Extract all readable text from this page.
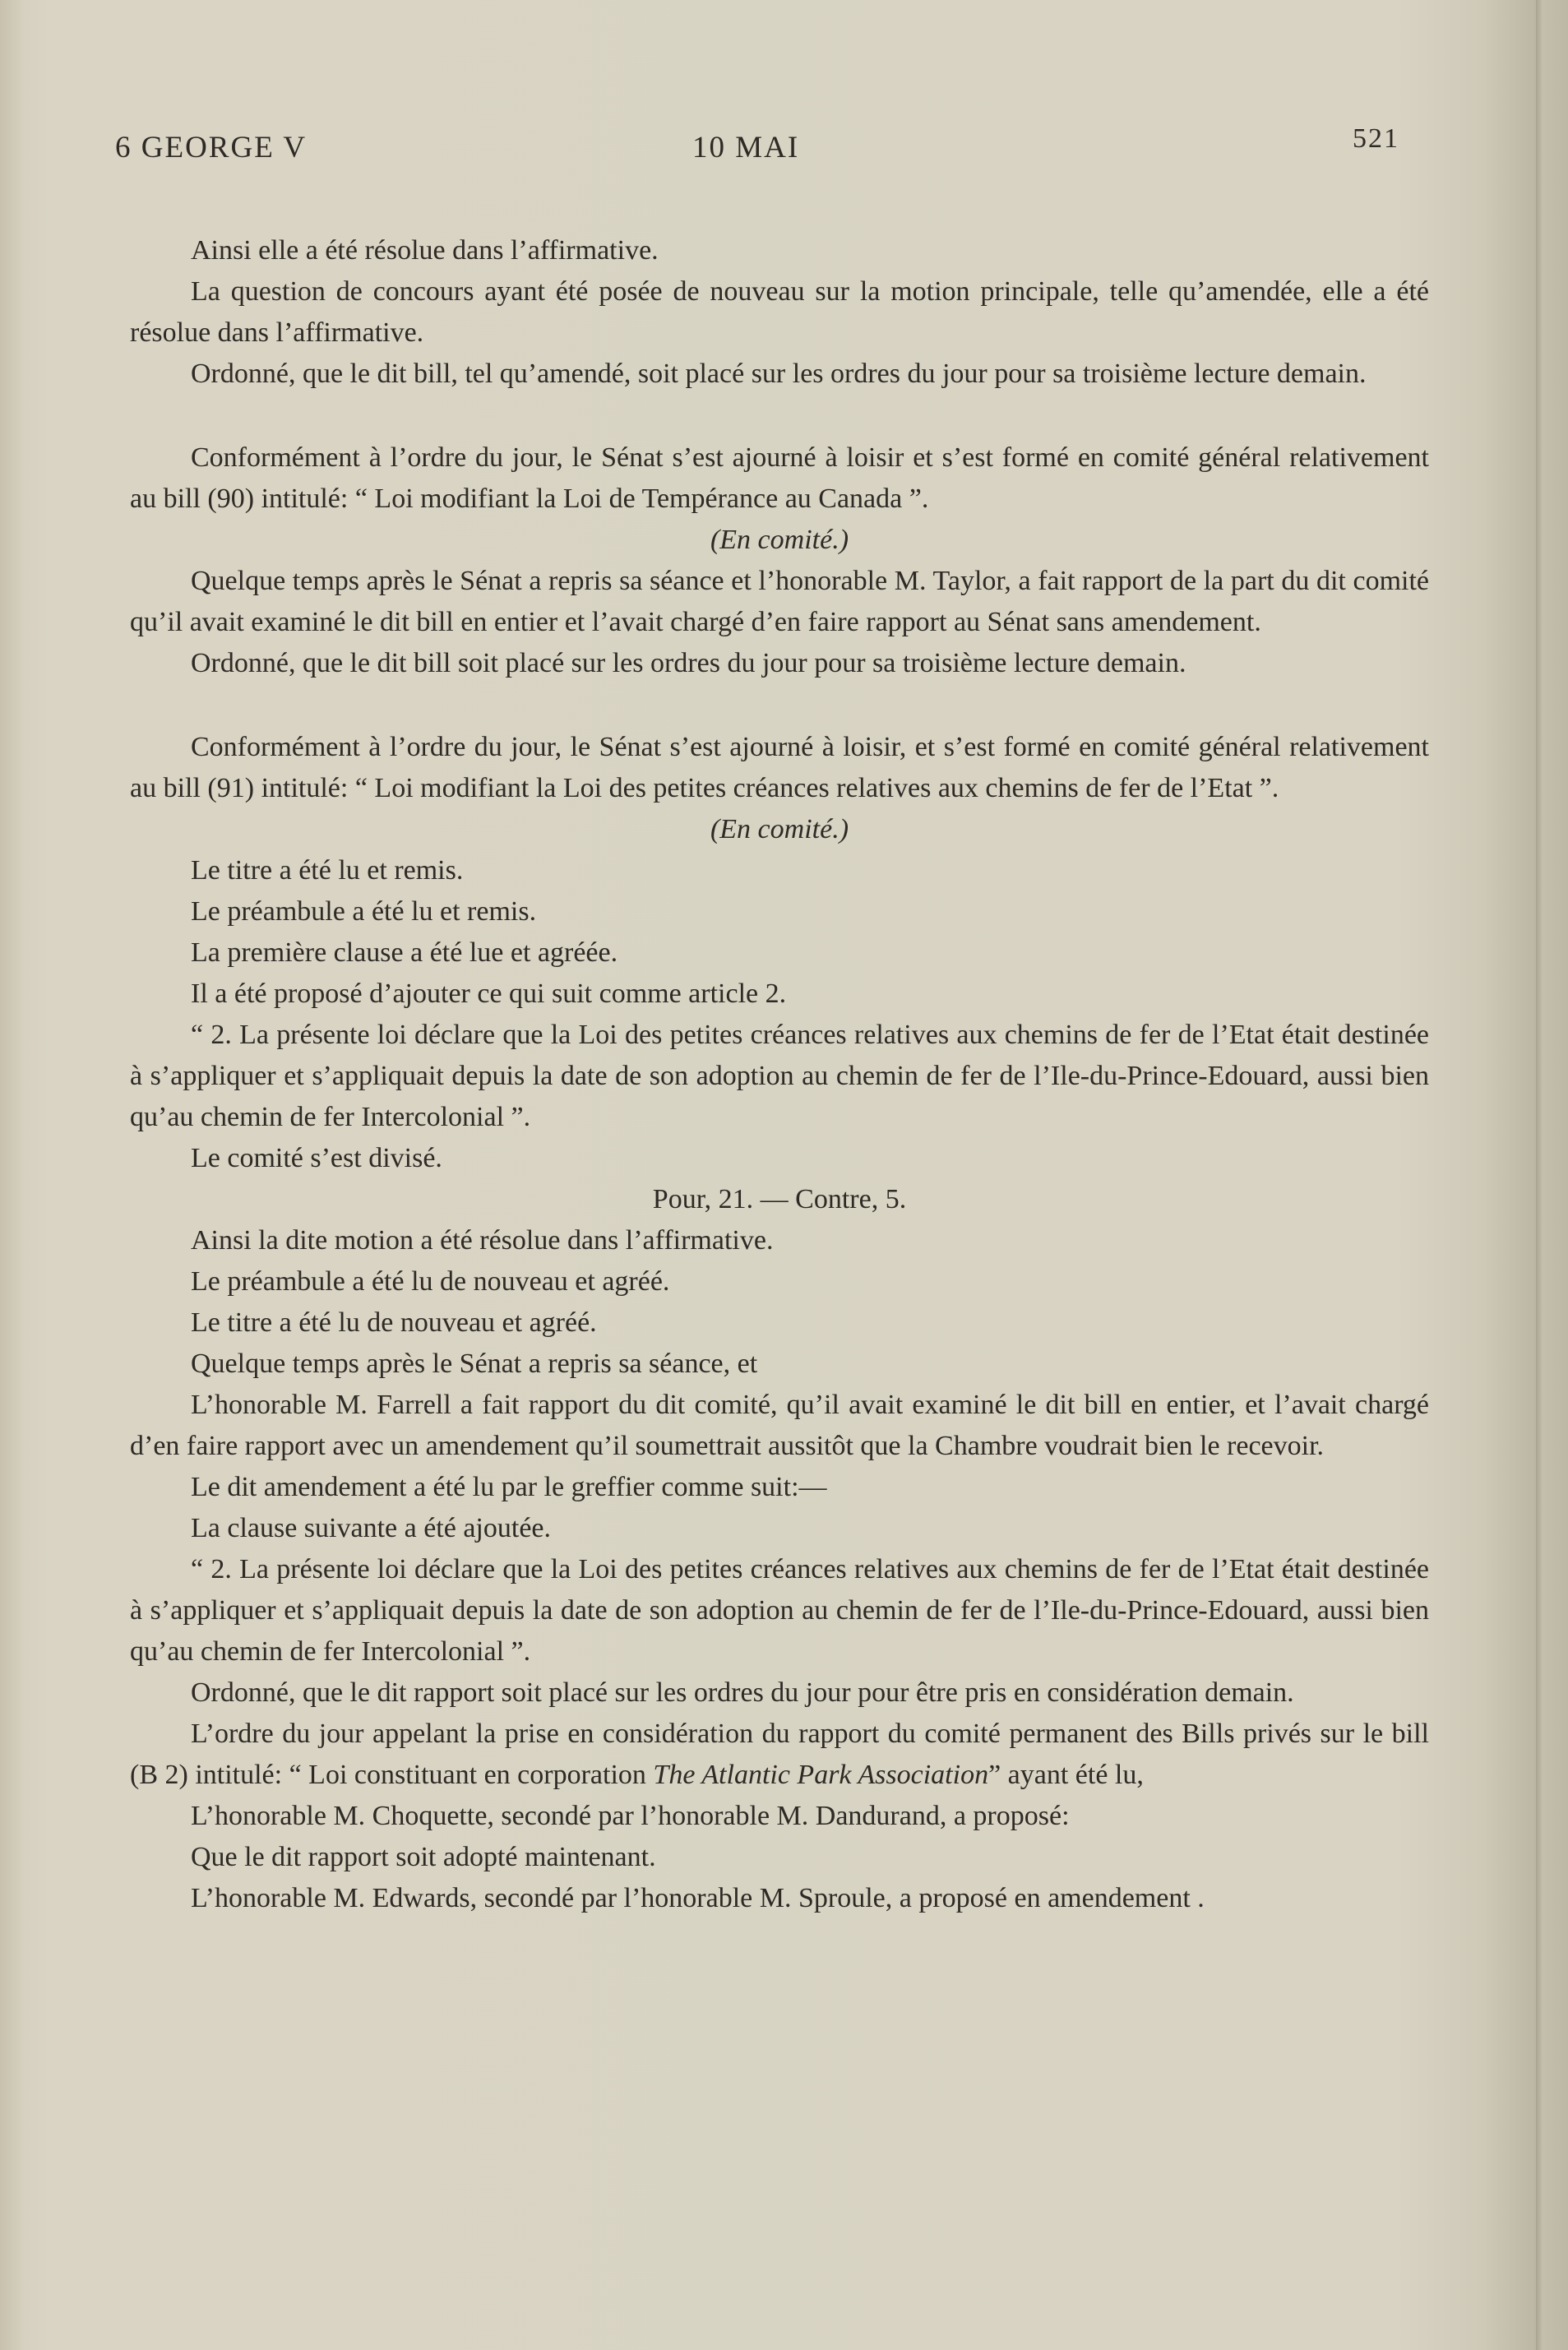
6 GEORGE V	10 MAI	521

Ainsi elle a été résolue dans l’affirmative.

La question de concours ayant été posée de nouveau sur la motion principale, telle qu’amendée, elle a été résolue dans l’affirmative.

Ordonné, que le dit bill, tel qu’amendé, soit placé sur les ordres du jour pour sa troisième lecture demain.

Conformément à l’ordre du jour, le Sénat s’est ajourné à loisir et s’est formé en comité général relativement au bill (90) intitulé: “ Loi modifiant la Loi de Tempérance au Canada ”.

(En comité.)

Quelque temps après le Sénat a repris sa séance et l’honorable M. Taylor, a fait rapport de la part du dit comité qu’il avait examiné le dit bill en entier et l’avait chargé d’en faire rapport au Sénat sans amendement.

Ordonné, que le dit bill soit placé sur les ordres du jour pour sa troisième lecture demain.

Conformément à l’ordre du jour, le Sénat s’est ajourné à loisir, et s’est formé en comité général relativement au bill (91) intitulé: “ Loi modifiant la Loi des petites créances relatives aux chemins de fer de l’Etat ”.

(En comité.)

Le titre a été lu et remis.

Le préambule a été lu et remis.

La première clause a été lue et agréée.

Il a été proposé d’ajouter ce qui suit comme article 2.

“ 2. La présente loi déclare que la Loi des petites créances relatives aux chemins de fer de l’Etat était destinée à s’appliquer et s’appliquait depuis la date de son adoption au chemin de fer de l’Ile-du-Prince-Edouard, aussi bien qu’au chemin de fer Intercolonial ”.

Le comité s’est divisé.

Pour, 21. — Contre, 5.

Ainsi la dite motion a été résolue dans l’affirmative.

Le préambule a été lu de nouveau et agréé.

Le titre a été lu de nouveau et agréé.

Quelque temps après le Sénat a repris sa séance, et

L’honorable M. Farrell a fait rapport du dit comité, qu’il avait examiné le dit bill en entier, et l’avait chargé d’en faire rapport avec un amendement qu’il soumettrait aussitôt que la Chambre voudrait bien le recevoir.

Le dit amendement a été lu par le greffier comme suit:—

La clause suivante a été ajoutée.

“ 2. La présente loi déclare que la Loi des petites créances relatives aux chemins de fer de l’Etat était destinée à s’appliquer et s’appliquait depuis la date de son adoption au chemin de fer de l’Ile-du-Prince-Edouard, aussi bien qu’au chemin de fer Intercolonial ”.

Ordonné, que le dit rapport soit placé sur les ordres du jour pour être pris en considération demain.

L’ordre du jour appelant la prise en considération du rapport du comité permanent des Bills privés sur le bill (B 2) intitulé: “ Loi constituant en corporation The Atlantic Park Association” ayant été lu,

L’honorable M. Choquette, secondé par l’honorable M. Dandurand, a proposé:

Que le dit rapport soit adopté maintenant.

L’honorable M. Edwards, secondé par l’honorable M. Sproule, a proposé en amendement .
